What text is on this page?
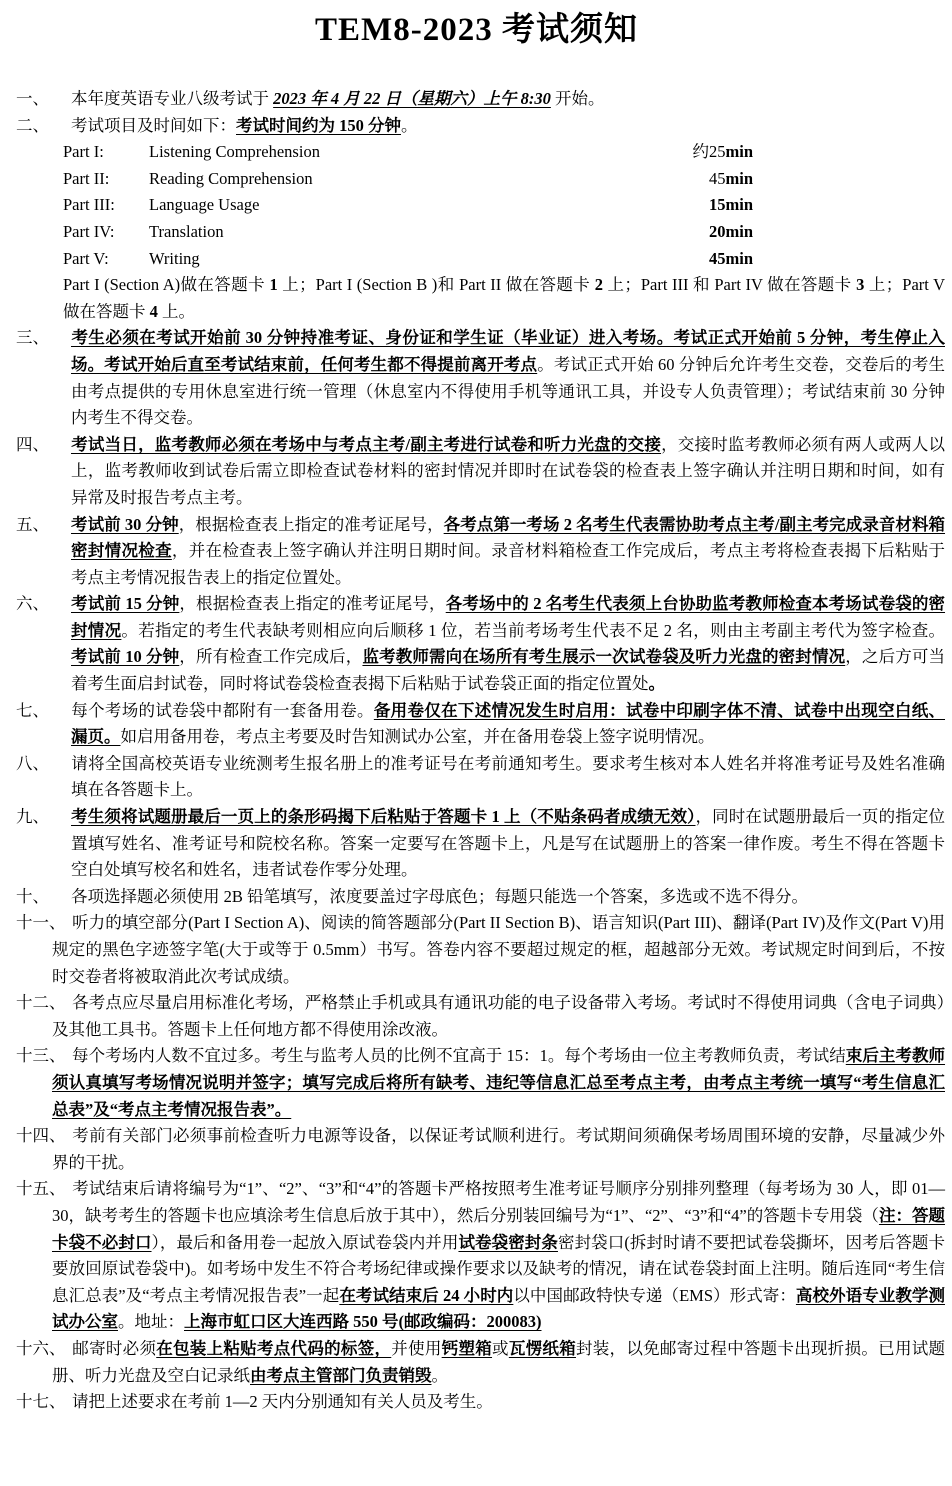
TEM8-2023 考试须知
一、 本年度英语专业八级考试于 2023 年 4 月 22 日（星期六）上午 8:30 开始。
二、 考试项目及时间如下：考试时间约为 150 分钟。
Part I:	Listening Comprehension	约25min
Part II: Reading Comprehension	45min
Part III: Language Usage	15min
Part IV: Translation	20min
Part V: Writing	45min
Part I (Section A)做在答题卡 1 上；Part I (Section B )和 Part II 做在答题卡 2 上；Part III 和 Part IV 做在答题卡 3 上；Part V 做在答题卡 4 上。
三、 考生必须在考试开始前 30 分钟持准考证、身份证和学生证（毕业证）进入考场。考试正式开始前 5 分钟，考生停止入场。考试开始后直至考试结束前，任何考生都不得提前离开考点。考试正式开始 60 分钟后允许考生交卷，交卷后的考生由考点提供的专用休息室进行统一管理（休息室内不得使用手机等通讯工具，并设专人负责管理）；考试结束前 30 分钟内考生不得交卷。
四、 考试当日，监考教师必须在考场中与考点主考/副主考进行试卷和听力光盘的交接，交接时监考教师必须有两人或两人以上，监考教师收到试卷后需立即检查试卷材料的密封情况并即时在试卷袋的检查表上签字确认并注明日期和时间，如有异常及时报告考点主考。
五、 考试前 30 分钟，根据检查表上指定的准考证尾号，各考点第一考场 2 名考生代表需协助考点主考/副主考完成录音材料箱密封情况检查，并在检查表上签字确认并注明日期时间。录音材料箱检查工作完成后，考点主考将检查表揭下后粘贴于考点主考情况报告表上的指定位置处。
六、 考试前 15 分钟，根据检查表上指定的准考证尾号，各考场中的 2 名考生代表须上台协助监考教师检查本考场试卷袋的密封情况。若指定的考生代表缺考则相应向后顺移 1 位，若当前考场考生代表不足 2 名，则由主考副主考代为签字检查。考试前 10 分钟，所有检查工作完成后，监考教师需向在场所有考生展示一次试卷袋及听力光盘的密封情况，之后方可当着考生面启封试卷，同时将试卷袋检查表揭下后粘贴于试卷袋正面的指定位置处。
七、 每个考场的试卷袋中都附有一套备用卷。备用卷仅在下述情况发生时启用：试卷中印刷字体不清、试卷中出现空白纸、漏页。如启用备用卷，考点主考要及时告知测试办公室，并在备用卷袋上签字说明情况。
八、 请将全国高校英语专业统测考生报名册上的准考证号在考前通知考生。要求考生核对本人姓名并将准考证号及姓名准确填在各答题卡上。
九、 考生须将试题册最后一页上的条形码揭下后粘贴于答题卡 1 上（不贴条码者成绩无效），同时在试题册最后一页的指定位置填写姓名、准考证号和院校名称。答案一定要写在答题卡上，凡是写在试题册上的答案一律作废。考生不得在答题卡空白处填写校名和姓名，违者试卷作零分处理。
十、 各项选择题必须使用 2B 铅笔填写，浓度要盖过字母底色；每题只能选一个答案，多选或不选不得分。
十一、 听力的填空部分(Part I Section A)、阅读的简答题部分(Part II Section B)、语言知识(Part III)、翻译(Part IV)及作文(Part V)用规定的黑色字迹签字笔(大于或等于 0.5mm）书写。答卷内容不要超过规定的框，超越部分无效。考试规定时间到后，不按时交卷者将被取消此次考试成绩。
十二、 各考点应尽量启用标准化考场，严格禁止手机或具有通讯功能的电子设备带入考场。考试时不得使用词典（含电子词典）及其他工具书。答题卡上任何地方都不得使用涂改液。
十三、 每个考场内人数不宜过多。考生与监考人员的比例不宜高于 15：1。每个考场由一位主考教师负责，考试结束后主考教师须认真填写考场情况说明并签字；填写完成后将所有缺考、违纪等信息汇总至考点主考，由考点主考统一填写“考生信息汇总表”及“考点主考情况报告表”。
十四、 考前有关部门必须事前检查听力电源等设备，以保证考试顺利进行。考试期间须确保考场周围环境的安静，尽量减少外界的干扰。
十五、 考试结束后请将编号为“1”、“2”、“3”和“4”的答题卡严格按照考生准考证号顺序分别排列整理（每考场为 30 人，即 01—30，缺考考生的答题卡也应填涂考生信息后放于其中），然后分别装回编号为“1”、“2”、“3”和“4”的答题卡专用袋（注：答题卡袋不必封口），最后和备用卷一起放入原试卷袋内并用试卷袋密封条密封袋口(拆封时请不要把试卷袋撕坏，因考后答题卡要放回原试卷袋中)。如考场中发生不符合考场纪律或操作要求以及缺考的情况，请在试卷袋封面上注明。随后连同“考生信息汇总表”及“考点主考情况报告表”一起在考试结束后 24 小时内以中国邮政特快专递（EMS）形式寄：高校外语专业教学测试办公室。地址：上海市虹口区大连西路 550 号(邮政编码：200083)
十六、 邮寄时必须在包装上粘贴考点代码的标签，并使用钙塑箱或瓦愣纸箱封装，以免邮寄过程中答题卡出现折损。已用试题册、听力光盘及空白记录纸由考点主管部门负责销毁。
十七、 请把上述要求在考前 1—2 天内分别通知有关人员及考生。
